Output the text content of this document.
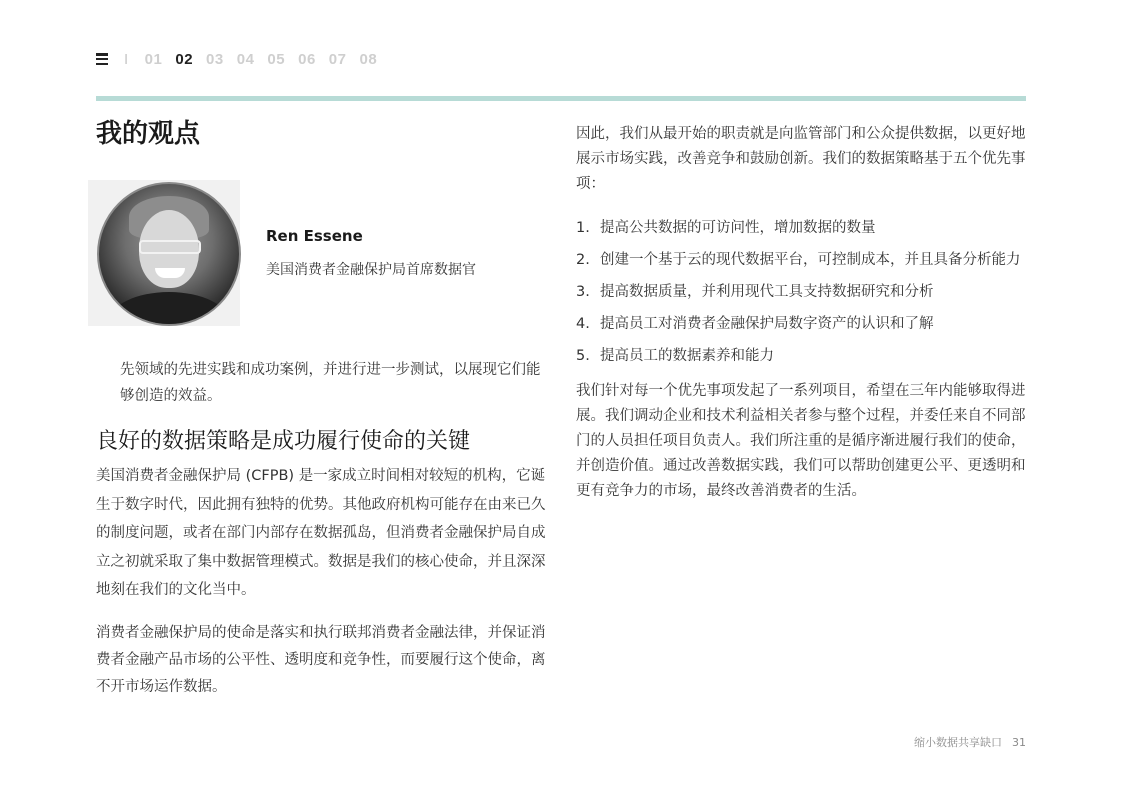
I 01 02 03 04 05 06 07 08
我的观点
Ren Essene
美国消费者金融保护局首席数据官

先领域的先进实践和成功案例，并进行进一步测试，以展现它们能够创造的效益。

良好的数据策略是成功履行使命的关键

美国消费者金融保护局 (CFPB) 是一家成立时间相对较短的机构，它诞生于数字时代，因此拥有独特的优势。其他政府机构可能存在由来已久的制度问题，或者在部门内部存在数据孤岛，但消费者金融保护局自成立之初就采取了集中数据管理模式。数据是我们的核心使命，并且深深地刻在我们的文化当中。

消费者金融保护局的使命是落实和执行联邦消费者金融法律，并保证消费者金融产品市场的公平性、透明度和竞争性，而要履行这个使命，离不开市场运作数据。

因此，我们从最开始的职责就是向监管部门和公众提供数据，以更好地展示市场实践，改善竞争和鼓励创新。我们的数据策略基于五个优先事项：

1. 提高公共数据的可访问性，增加数据的数量
2. 创建一个基于云的现代数据平台，可控制成本，并且具备分析能力
3. 提高数据质量，并利用现代工具支持数据研究和分析
4. 提高员工对消费者金融保护局数字资产的认识和了解
5. 提高员工的数据素养和能力

我们针对每一个优先事项发起了一系列项目，希望在三年内能够取得进展。我们调动企业和技术利益相关者参与整个过程，并委任来自不同部门的人员担任项目负责人。我们所注重的是循序渐进履行我们的使命，并创造价值。通过改善数据实践，我们可以帮助创建更公平、更透明和更有竞争力的市场，最终改善消费者的生活。

缩小数据共享缺口 31
